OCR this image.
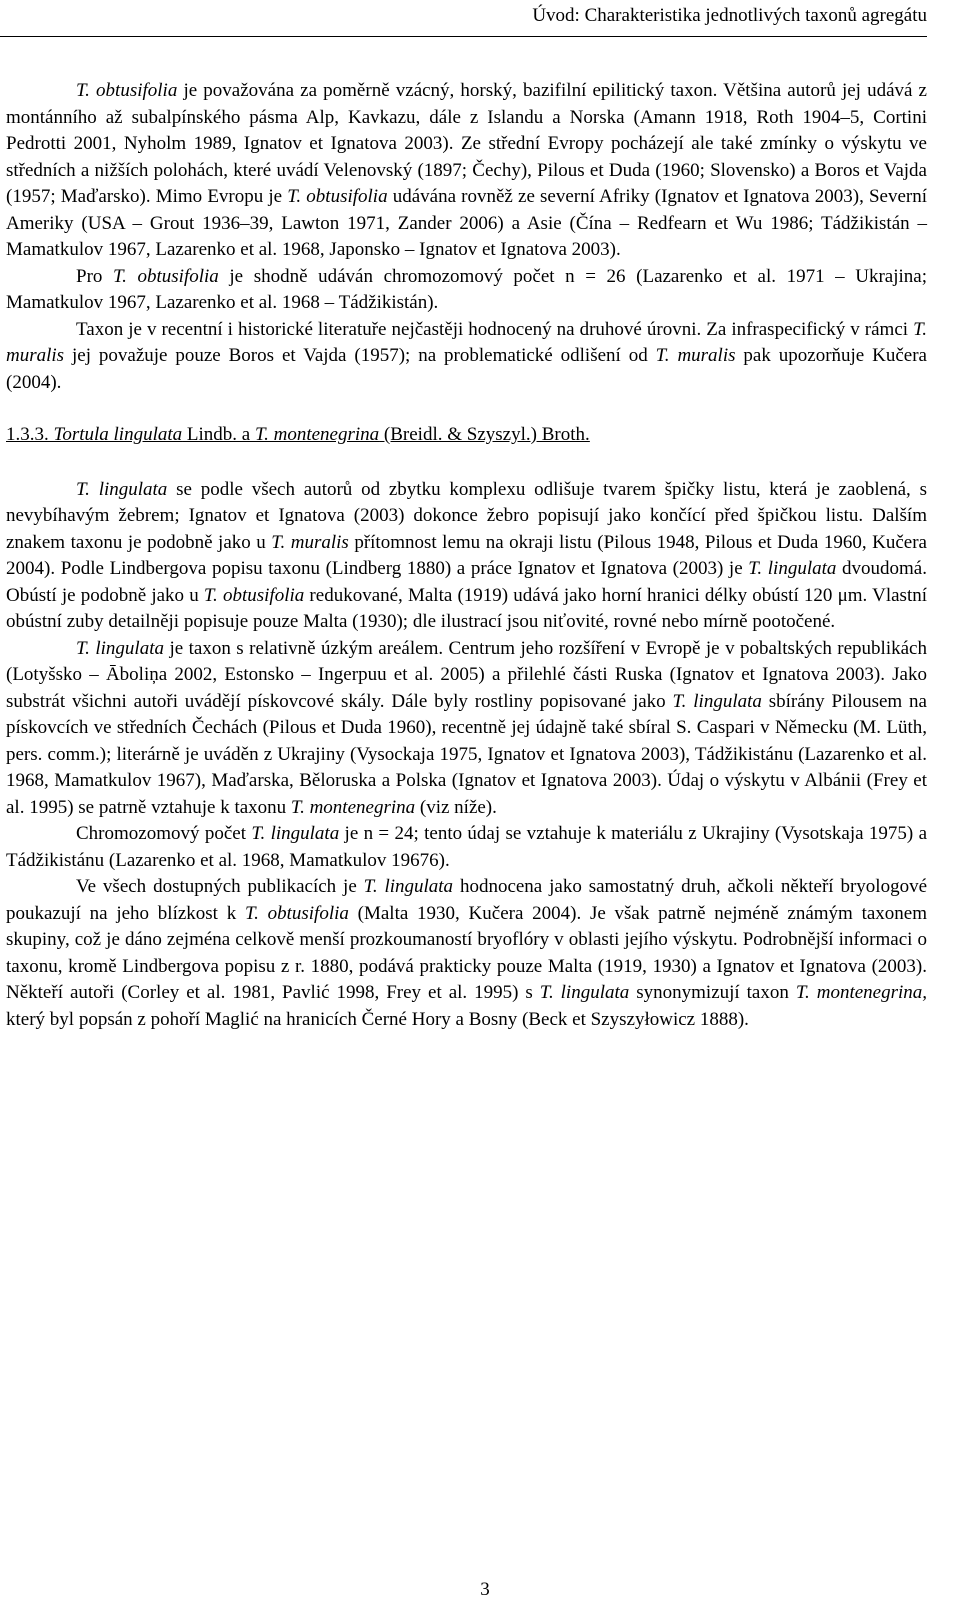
Úvod: Charakteristika jednotlivých taxonů agregátu

T. obtusifolia je považována za poměrně vzácný, horský, bazifilní epilitický taxon. Většina autorů jej udává z montánního až subalpínského pásma Alp, Kavkazu, dále z Islandu a Norska (Amann 1918, Roth 1904–5, Cortini Pedrotti 2001, Nyholm 1989, Ignatov et Ignatova 2003). Ze střední Evropy pocházejí ale také zmínky o výskytu ve středních a nižších polohách, které uvádí Velenovský (1897; Čechy), Pilous et Duda (1960; Slovensko) a Boros et Vajda (1957; Maďarsko). Mimo Evropu je T. obtusifolia udávána rovněž ze severní Afriky (Ignatov et Ignatova 2003), Severní Ameriky (USA – Grout 1936–39, Lawton 1971, Zander 2006) a Asie (Čína – Redfearn et Wu 1986; Tádžikistán – Mamatkulov 1967, Lazarenko et al. 1968, Japonsko – Ignatov et Ignatova 2003).

Pro T. obtusifolia je shodně udáván chromozomový počet n = 26 (Lazarenko et al. 1971 – Ukrajina; Mamatkulov 1967, Lazarenko et al. 1968 – Tádžikistán).

Taxon je v recentní i historické literatuře nejčastěji hodnocený na druhové úrovni. Za infraspecifický v rámci T. muralis jej považuje pouze Boros et Vajda (1957); na problematické odlišení od T. muralis pak upozorňuje Kučera (2004).

1.3.3. Tortula lingulata Lindb. a T. montenegrina (Breidl. & Szyszyl.) Broth.

T. lingulata se podle všech autorů od zbytku komplexu odlišuje tvarem špičky listu, která je zaoblená, s nevybíhavým žebrem; Ignatov et Ignatova (2003) dokonce žebro popisují jako končící před špičkou listu. Dalším znakem taxonu je podobně jako u T. muralis přítomnost lemu na okraji listu (Pilous 1948, Pilous et Duda 1960, Kučera 2004). Podle Lindbergova popisu taxonu (Lindberg 1880) a práce Ignatov et Ignatova (2003) je T. lingulata dvoudomá. Obústí je podobně jako u T. obtusifolia redukované, Malta (1919) udává jako horní hranici délky obústí 120 μm. Vlastní obústní zuby detailněji popisuje pouze Malta (1930); dle ilustrací jsou niťovité, rovné nebo mírně pootočené.

T. lingulata je taxon s relativně úzkým areálem. Centrum jeho rozšíření v Evropě je v pobaltských republikách (Lotyšsko – Āboliņa 2002, Estonsko – Ingerpuu et al. 2005) a přilehlé části Ruska (Ignatov et Ignatova 2003). Jako substrát všichni autoři uvádějí pískovcové skály. Dále byly rostliny popisované jako T. lingulata sbírány Pilousem na pískovcích ve středních Čechách (Pilous et Duda 1960), recentně jej údajně také sbíral S. Caspari v Německu (M. Lüth, pers. comm.); literárně je uváděn z Ukrajiny (Vysockaja 1975, Ignatov et Ignatova 2003), Tádžikistánu (Lazarenko et al. 1968, Mamatkulov 1967), Maďarska, Běloruska a Polska (Ignatov et Ignatova 2003). Údaj o výskytu v Albánii (Frey et al. 1995) se patrně vztahuje k taxonu T. montenegrina (viz níže).

Chromozomový počet T. lingulata je n = 24; tento údaj se vztahuje k materiálu z Ukrajiny (Vysotskaja 1975) a Tádžikistánu (Lazarenko et al. 1968, Mamatkulov 19676).

Ve všech dostupných publikacích je T. lingulata hodnocena jako samostatný druh, ačkoli někteří bryologové poukazují na jeho blízkost k T. obtusifolia (Malta 1930, Kučera 2004). Je však patrně nejméně známým taxonem skupiny, což je dáno zejména celkově menší prozkoumaností bryoflóry v oblasti jejího výskytu. Podrobnější informaci o taxonu, kromě Lindbergova popisu z r. 1880, podává prakticky pouze Malta (1919, 1930) a Ignatov et Ignatova (2003). Někteří autoři (Corley et al. 1981, Pavlić 1998, Frey et al. 1995) s T. lingulata synonymizují taxon T. montenegrina, který byl popsán z pohoří Maglić na hranicích Černé Hory a Bosny (Beck et Szyszyłowicz 1888).

3
